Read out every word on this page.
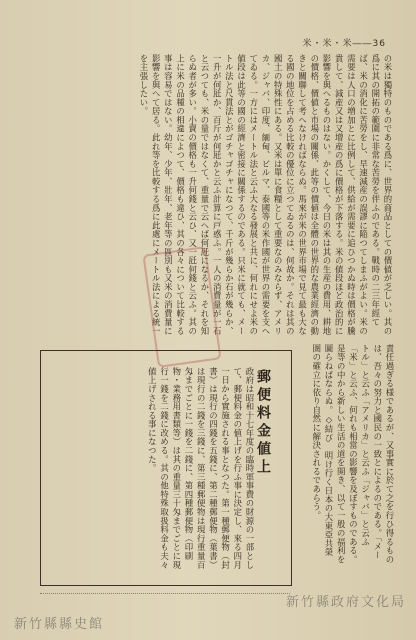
米・米・米――36
の米は獨特のものである爲に、世界的商品としての價値が乏しい。其の爲に其の開拓の範圍に非常な苦勞を伴ふのである。戰時の二三年經てば、米の消化に苦勞をし、早速減産の誤謬に陥つてしまふがよい。米の需要は人口の増加とに比例して、供給が需要に追ひつかぬ時は價格が騰貴して、減産又は又增産の爲に價格が下落する。米の値段ほど政治的に影響を與へるものはない。かくして、今日の米は其の生産の費用、耕地の價格、價値と市場の關係、此等の價値は全體の世界的な農業經濟の動きと關聯して考へなければならぬ。馬來が米の世界市場で見て最も大なる國の地位を占める比較の優位に立つてゐるのは、何故か。それは其の國土の特殊性にある。又米は單に食糧として重要なのみならず、アメリカ、ジャバ、印度、緬甸、ビルマ、泰國等の米作國が世界の需要を支へてゐる。一方にはメートル法と云ふ大なる發展と共に、何れにせよ米の値段は此等の國の經濟と密接に關係するのである。只米に就ても、メートル法と尺貫法とがゴチャゴチャになつて、千斤が幾らか石が幾らか、一升が何瓩か、百斤が何瓩かと云ふ計算に戸惑ふ。一人の消費量が一石と云つても、米の量ではなくて、重量で云へば何瓩になるか、それを知らぬ者が多い。小賣の價格も一升何錢と云ひ、又一瓩何錢と云ふ。其の上に米の品種の相違によつて、價格も違ひ、其の各々について比較する事は容易ではない。幼年、少年、壯年、老年等の區別も又米の消費量に影響を與へて居る。此れ等を比較する爲に此處にメートル法による統一を主張したい。
責任過ぎる様であるが、又事實に於て之を行ひ得るものは、吾々の努力と國民の一致とによるのである。「メートル」と云ふ「アメリカ」と云ふ「ジャバ」と云ふ「米」と云ふ、何れも相當の影響を及ぼすものである。是等の中から新しい生活の道を開き、以て一般の福利を圖らねばならぬ。◇結び　明け行く日本の大東亞共榮圏の確立に依り自然に解決されるであらう。
郵便料金値上
政府は昭和十七年度の臨時軍事費の財源の一部として、郵便料金の値上げを行ふ事に決定し、來る四月一日から實施される事となつた。第一種郵便物（封書）は現行の四錢を五錢に、第二種郵便物（葉書）は現行の二錢を三錢に、第三種郵便物は現行重量百匁までごとに一錢を二錢に、第四種郵便物（印刷物・業務用書類等）は其の重量三十匁までごとに現行一錢を二錢に改める。其の他特殊取扱料金も夫々値上げされる事になつた。
新竹縣縣史館
新竹縣政府文化局
